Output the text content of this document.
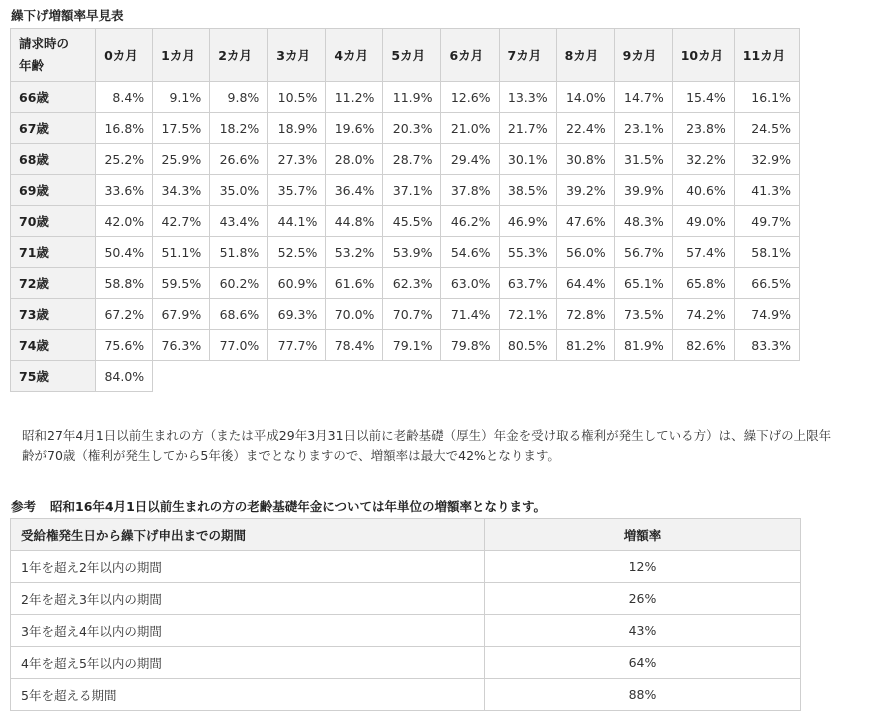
繰下げ増額率早見表
請求時の
年齢	0カ月	1カ月	2カ月	3カ月	4カ月	5カ月	6カ月	7カ月	8カ月	9カ月	10カ月	11カ月
66歳	8.4%	9.1%	9.8%	10.5%	11.2%	11.9%	12.6%	13.3%	14.0%	14.7%	15.4%	16.1%
67歳	16.8%	17.5%	18.2%	18.9%	19.6%	20.3%	21.0%	21.7%	22.4%	23.1%	23.8%	24.5%
68歳	25.2%	25.9%	26.6%	27.3%	28.0%	28.7%	29.4%	30.1%	30.8%	31.5%	32.2%	32.9%
69歳	33.6%	34.3%	35.0%	35.7%	36.4%	37.1%	37.8%	38.5%	39.2%	39.9%	40.6%	41.3%
70歳	42.0%	42.7%	43.4%	44.1%	44.8%	45.5%	46.2%	46.9%	47.6%	48.3%	49.0%	49.7%
71歳	50.4%	51.1%	51.8%	52.5%	53.2%	53.9%	54.6%	55.3%	56.0%	56.7%	57.4%	58.1%
72歳	58.8%	59.5%	60.2%	60.9%	61.6%	62.3%	63.0%	63.7%	64.4%	65.1%	65.8%	66.5%
73歳	67.2%	67.9%	68.6%	69.3%	70.0%	70.7%	71.4%	72.1%	72.8%	73.5%	74.2%	74.9%
74歳	75.6%	76.3%	77.0%	77.7%	78.4%	79.1%	79.8%	80.5%	81.2%	81.9%	82.6%	83.3%
75歳	84.0%											
昭和27年4月1日以前生まれの方（または平成29年3月31日以前に老齢基礎（厚生）年金を受け取る権利が発生している方）は、繰下げの上限年
齢が70歳（権利が発生してから5年後）までとなりますので、増額率は最大で42%となります。
参考 昭和16年4月1日以前生まれの方の老齢基礎年金については年単位の増額率となります。
受給権発生日から繰下げ申出までの期間	増額率
1年を超え2年以内の期間	12%
2年を超え3年以内の期間	26%
3年を超え4年以内の期間	43%
4年を超え5年以内の期間	64%
5年を超える期間	88%
